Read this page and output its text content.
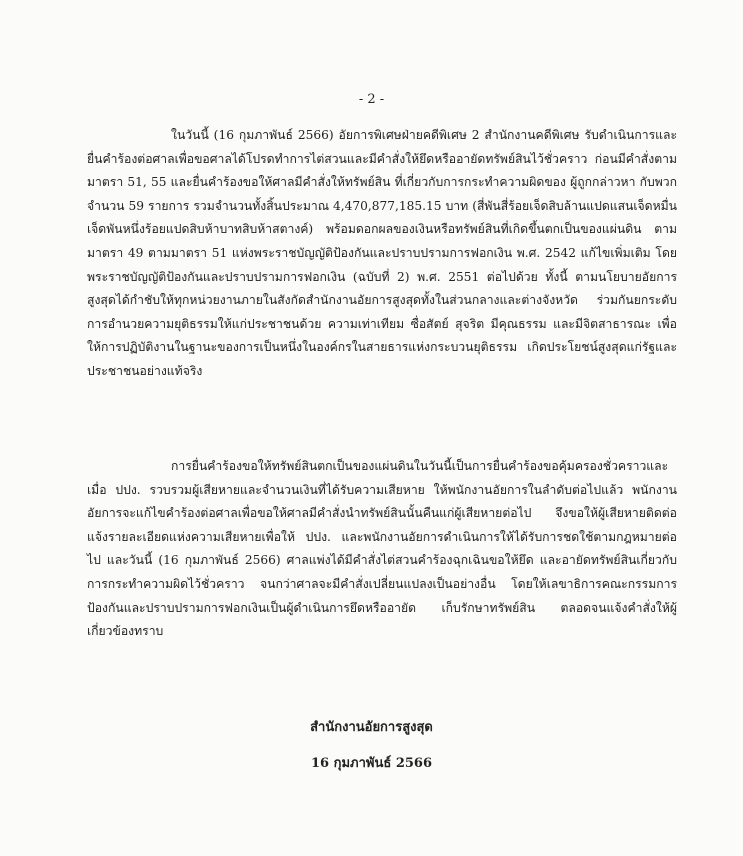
- 2 -

ในวันนี้ (16 กุมภาพันธ์ 2566) อัยการพิเศษฝ่ายคดีพิเศษ 2 สำนักงานคดีพิเศษ รับดำเนินการและยื่นคำร้องต่อศาลเพื่อขอศาลได้โปรดทำการไต่สวนและมีคำสั่งให้ยึดหรืออายัดทรัพย์สินไว้ชั่วคราว ก่อนมีคำสั่งตามมาตรา 51, 55 และยื่นคำร้องขอให้ศาลมีคำสั่งให้ทรัพย์สิน ที่เกี่ยวกับการกระทำความผิดของ ผู้ถูกกล่าวหา กับพวก จำนวน 59 รายการ รวมจำนวนทั้งสิ้นประมาณ 4,470,877,185.15 บาท (สี่พันสี่ร้อยเจ็ดสิบล้านแปดแสนเจ็ดหมื่นเจ็ดพันหนึ่งร้อยแปดสิบห้าบาทสิบห้าสตางค์) พร้อมดอกผลของเงินหรือทรัพย์สินที่เกิดขึ้นตกเป็นของแผ่นดิน ตามมาตรา 49 ตามมาตรา 51 แห่งพระราชบัญญัติป้องกันและปราบปรามการฟอกเงิน พ.ศ. 2542 แก้ไขเพิ่มเติม โดยพระราชบัญญัติป้องกันและปราบปรามการฟอกเงิน (ฉบับที่ 2) พ.ศ. 2551 ต่อไปด้วย ทั้งนี้ ตามนโยบายอัยการสูงสุดได้กำชับให้ทุกหน่วยงานภายในสังกัดสำนักงานอัยการสูงสุดทั้งในส่วนกลางและต่างจังหวัด ร่วมกันยกระดับการอำนวยความยุติธรรมให้แก่ประชาชนด้วย ความเท่าเทียม ซื่อสัตย์ สุจริต มีคุณธรรม และมีจิตสาธารณะ เพื่อให้การปฏิบัติงานในฐานะของการเป็นหนึ่งในองค์กรในสายธารแห่งกระบวนยุติธรรม เกิดประโยชน์สูงสุดแก่รัฐและประชาชนอย่างแท้จริง

การยื่นคำร้องขอให้ทรัพย์สินตกเป็นของแผ่นดินในวันนี้เป็นการยื่นคำร้องขอคุ้มครองชั่วคราวและเมื่อ ปปง. รวบรวมผู้เสียหายและจำนวนเงินที่ได้รับความเสียหาย ให้พนักงานอัยการในลำดับต่อไปแล้ว พนักงานอัยการจะแก้ไขคำร้องต่อศาลเพื่อขอให้ศาลมีคำสั่งนำทรัพย์สินนั้นคืนแก่ผู้เสียหายต่อไป จึงขอให้ผู้เสียหายติดต่อแจ้งรายละเอียดแห่งความเสียหายเพื่อให้ ปปง. และพนักงานอัยการดำเนินการให้ได้รับการชดใช้ตามกฎหมายต่อไป และวันนี้ (16 กุมภาพันธ์ 2566) ศาลแพ่งได้มีคำสั่งไต่สวนคำร้องฉุกเฉินขอให้ยึด และอายัดทรัพย์สินเกี่ยวกับการกระทำความผิดไว้ชั่วคราว จนกว่าศาลจะมีคำสั่งเปลี่ยนแปลงเป็นอย่างอื่น โดยให้เลขาธิการคณะกรรมการป้องกันและปราบปรามการฟอกเงินเป็นผู้ดำเนินการยึดหรืออายัด เก็บรักษาทรัพย์สิน ตลอดจนแจ้งคำสั่งให้ผู้เกี่ยวข้องทราบ

สำนักงานอัยการสูงสุด
16 กุมภาพันธ์ 2566
